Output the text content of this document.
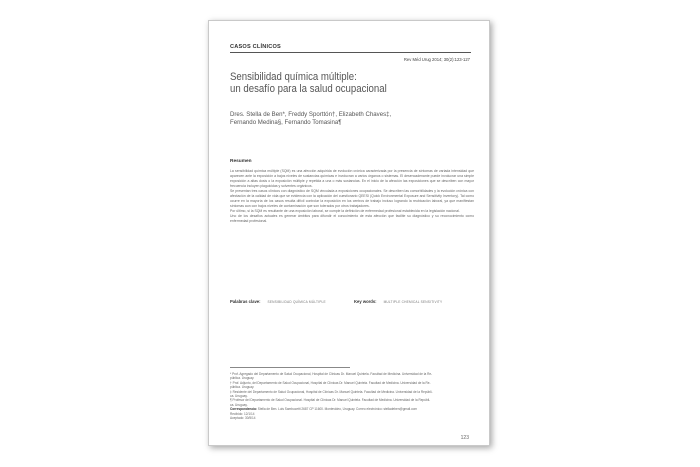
CASOS CLÍNICOS
Rev Méd Urug 2014; 30(2):123-127
Sensibilidad química múltiple:
un desafío para la salud ocupacional
Dres. Stella de Ben*, Freddy Sporttón†, Elizabeth Chaves‡,
Fernando Medina§, Fernando Tomasina¶
Resumen

La sensibilidad química múltiple (SQM) es una afección adquirida de evolución crónica caracterizada por la presencia de síntomas de variada intensidad que aparecen ante la exposición a bajos niveles de sustancias químicas e involucran a varios órganos o sistemas. El desencadenante puede involucrar una simple exposición a altas dosis o la exposición múltiple y repetida a una o más sustancias. En el inicio de la afección las exposiciones que se describen con mayor frecuencia incluyen plaguicidas y solventes orgánicos.

Se presentan tres casos clínicos con diagnóstico de SQM vinculada a exposiciones ocupacionales. Se describen las comorbilidades y la evolución crónica con afectación de la calidad de vida que se evidencia con la aplicación del cuestionario QEESI (Quick Environmental Exposure and Sensitivity Inventory). Tal como ocurre en la mayoría de los casos resulta difícil controlar la exposición en los centros de trabajo incluso logrando la reubicación laboral, ya que manifiestan síntomas aun con bajos niveles de contaminación que son tolerados por otros trabajadores.

Por último, si la SQM es resultante de una exposición laboral, se cumple la definición de enfermedad profesional establecida en la legislación nacional.

Uno de los desafíos actuales es generar ámbitos para difundir el conocimiento de esta afección que facilite su diagnóstico y su reconocimiento como enfermedad profesional.

Palabras clave: SENSIBILIDAD QUÍMICA MÚLTIPLE	Key words: MULTIPLE CHEMICAL SENSITIVITY
* Prof. Agregado del Departamento de Salud Ocupacional, Hospital de Clínicas Dr. Manuel Quintela. Facultad de Medicina. Universidad de la Re-
pública. Uruguay.
† Prof. Adjunto, del Departamento de Salud Ocupacional, Hospital de Clínicas Dr. Manuel Quintela. Facultad de Medicina. Universidad de la Re-
pública. Uruguay.
‡ Residente del Departamento de Salud Ocupacional, Hospital de Clínicas Dr. Manuel Quintela. Facultad de Medicina. Universidad de la Repúbli-
ca. Uruguay.
¶ Profesor del Departamento de Salud Ocupacional. Hospital de Clínicas Dr. Manuel Quintela. Facultad de Medicina. Universidad de la Repúbli-
ca. Uruguay.
Correspondencia: Stella de Ben. Luis Sambucetti 2687 CP 11600. Montevideo, Uruguay. Correo electrónico: stelladeben@gmail.com
Recibido: 12/1/14
Aceptado: 30/5/14
123
